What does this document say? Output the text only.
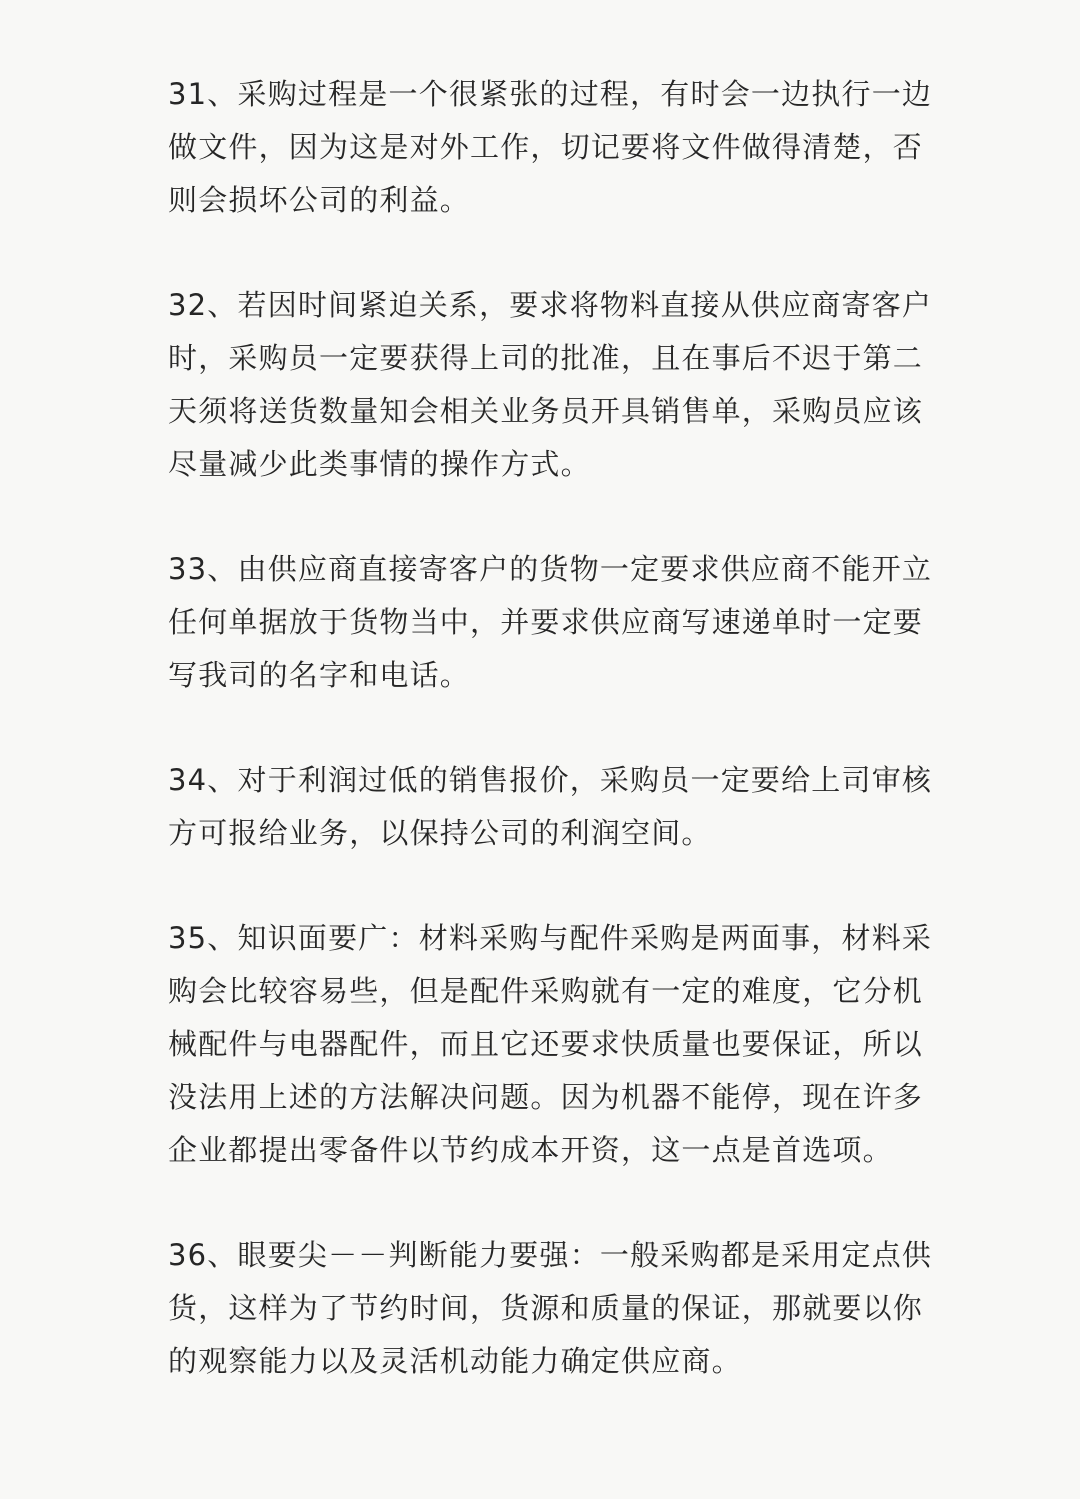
31、采购过程是一个很紧张的过程，有时会一边执行一边
做文件，因为这是对外工作，切记要将文件做得清楚，否
则会损坏公司的利益。
32、若因时间紧迫关系，要求将物料直接从供应商寄客户
时，采购员一定要获得上司的批准，且在事后不迟于第二
天须将送货数量知会相关业务员开具销售单，采购员应该
尽量减少此类事情的操作方式。
33、由供应商直接寄客户的货物一定要求供应商不能开立
任何单据放于货物当中，并要求供应商写速递单时一定要
写我司的名字和电话。
34、对于利润过低的销售报价，采购员一定要给上司审核
方可报给业务，以保持公司的利润空间。
35、知识面要广：材料采购与配件采购是两面事，材料采
购会比较容易些，但是配件采购就有一定的难度，它分机
械配件与电器配件，而且它还要求快质量也要保证，所以
没法用上述的方法解决问题。因为机器不能停，现在许多
企业都提出零备件以节约成本开资，这一点是首选项。
36、眼要尖－－判断能力要强：一般采购都是采用定点供
货，这样为了节约时间，货源和质量的保证，那就要以你
的观察能力以及灵活机动能力确定供应商。
